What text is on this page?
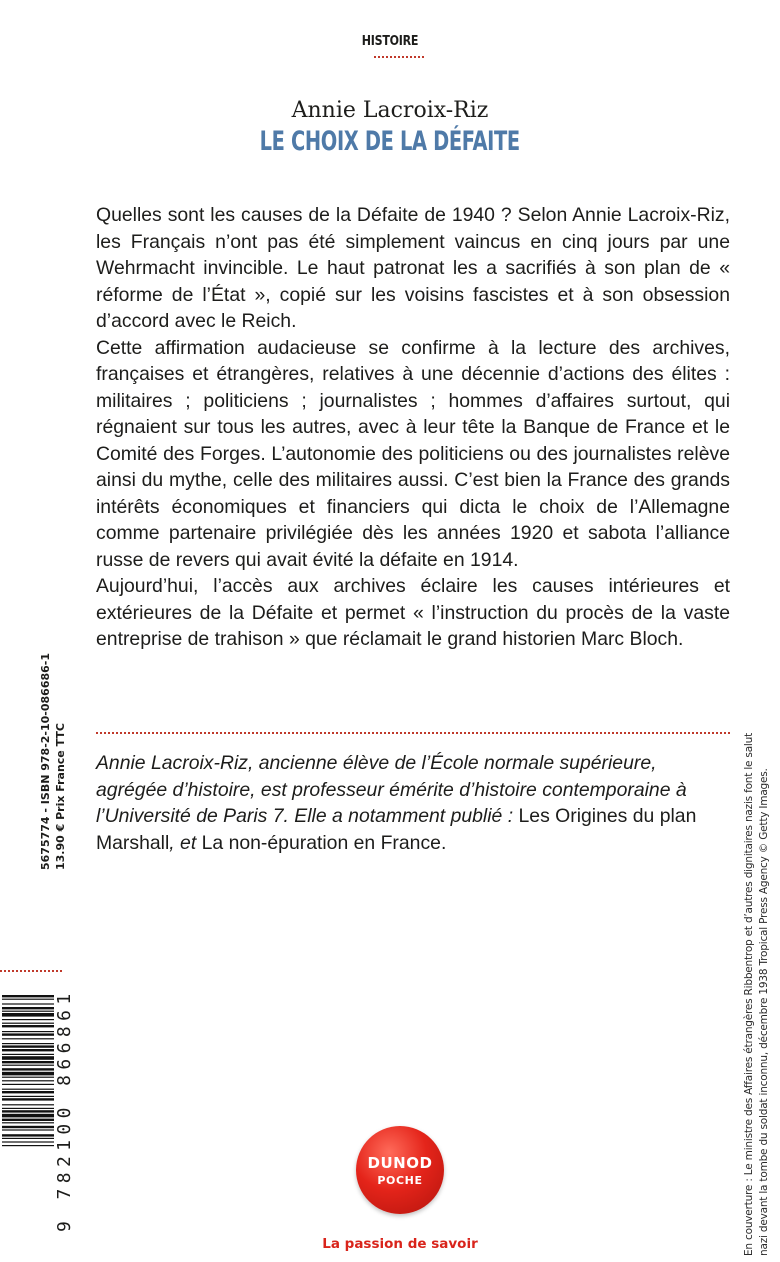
HISTOIRE
Annie Lacroix-Riz
LE CHOIX DE LA DÉFAITE

Quelles sont les causes de la Défaite de 1940 ? Selon Annie Lacroix-Riz, les Français n’ont pas été simplement vaincus en cinq jours par une Wehrmacht invincible. Le haut patronat les a sacrifiés à son plan de « réforme de l’État », copié sur les voisins fascistes et à son obsession d’accord avec le Reich.

Cette affirmation audacieuse se confirme à la lecture des archives, françaises et étrangères, relatives à une décennie d’actions des élites : militaires ; politiciens ; journalistes ; hommes d’affaires surtout, qui régnaient sur tous les autres, avec à leur tête la Banque de France et le Comité des Forges. L’autonomie des politiciens ou des journalistes relève ainsi du mythe, celle des militaires aussi. C’est bien la France des grands intérêts économiques et financiers qui dicta le choix de l’Allemagne comme partenaire privilégiée dès les années 1920 et sabota l’alliance russe de revers qui avait évité la défaite en 1914.

Aujourd’hui, l’accès aux archives éclaire les causes intérieures et extérieures de la Défaite et permet « l’instruction du procès de la vaste entreprise de trahison » que réclamait le grand historien Marc Bloch.

Annie Lacroix-Riz, ancienne élève de l’École normale supérieure, agrégée d’histoire, est professeur émérite d’histoire contemporaine à l’Université de Paris 7. Elle a notamment publié : Les Origines du plan Marshall, et La non-épuration en France.
5675774 - ISBN 978-2-10-086686-1 13.90 € Prix France TTC
9 782100 866861	En couverture : Le ministre des Affaires étrangères Ribbentrop et d’autres dignitaires nazis font le salut nazi devant la tombe du soldat inconnu, décembre 1938 Tropical Press Agency © Getty Images.
DUNOD
POCHE
La passion de savoir
